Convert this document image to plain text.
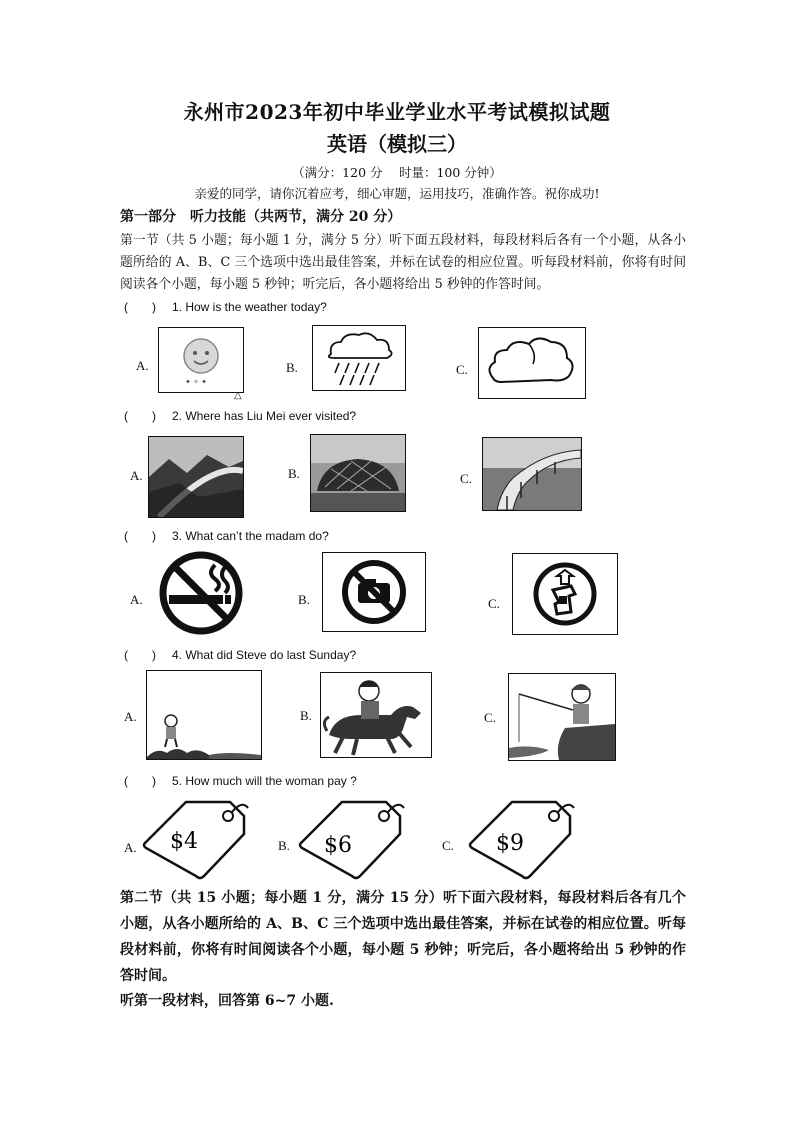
永州市2023年初中毕业学业水平考试模拟试题
英语（模拟三）
（满分：120 分　 时量：100 分钟）
亲爱的同学，请你沉着应考，细心审题，运用技巧，准确作答。祝你成功!
第一部分　听力技能（共两节，满分 20 分）
第一节（共 5 小题；每小题 1 分，满分 5 分）听下面五段材料，每段材料后各有一个小题，从各小题所给的 A、B、C 三个选项中选出最佳答案，并标在试卷的相应位置。听每段材料前，你将有时间阅读各个小题，每小题 5 秒钟；听完后，各小题将给出 5 秒钟的作答时间。
(　　) 1. How is the weather today?
A.
✦ ✧ ✦
△
B.	C.
(　　) 2. Where has Liu Mei ever visited?
A.	B.	C.
(　　) 3. What can’t the madam do?
A.	B.	C.
(　　) 4. What did Steve do last Sunday?
A.	B.	C.
(　　) 5. How much will the woman pay ?
A. $4	B. $6	C. $9
第二节（共 15 小题；每小题 1 分，满分 15 分）听下面六段材料，每段材料后各有几个小题，从各小题所给的 A、B、C 三个选项中选出最佳答案，并标在试卷的相应位置。听每段材料前，你将有时间阅读各个小题，每小题 5 秒钟；听完后，各小题将给出 5 秒钟的作答时间。
听第一段材料，回答第 6~7 小题.
